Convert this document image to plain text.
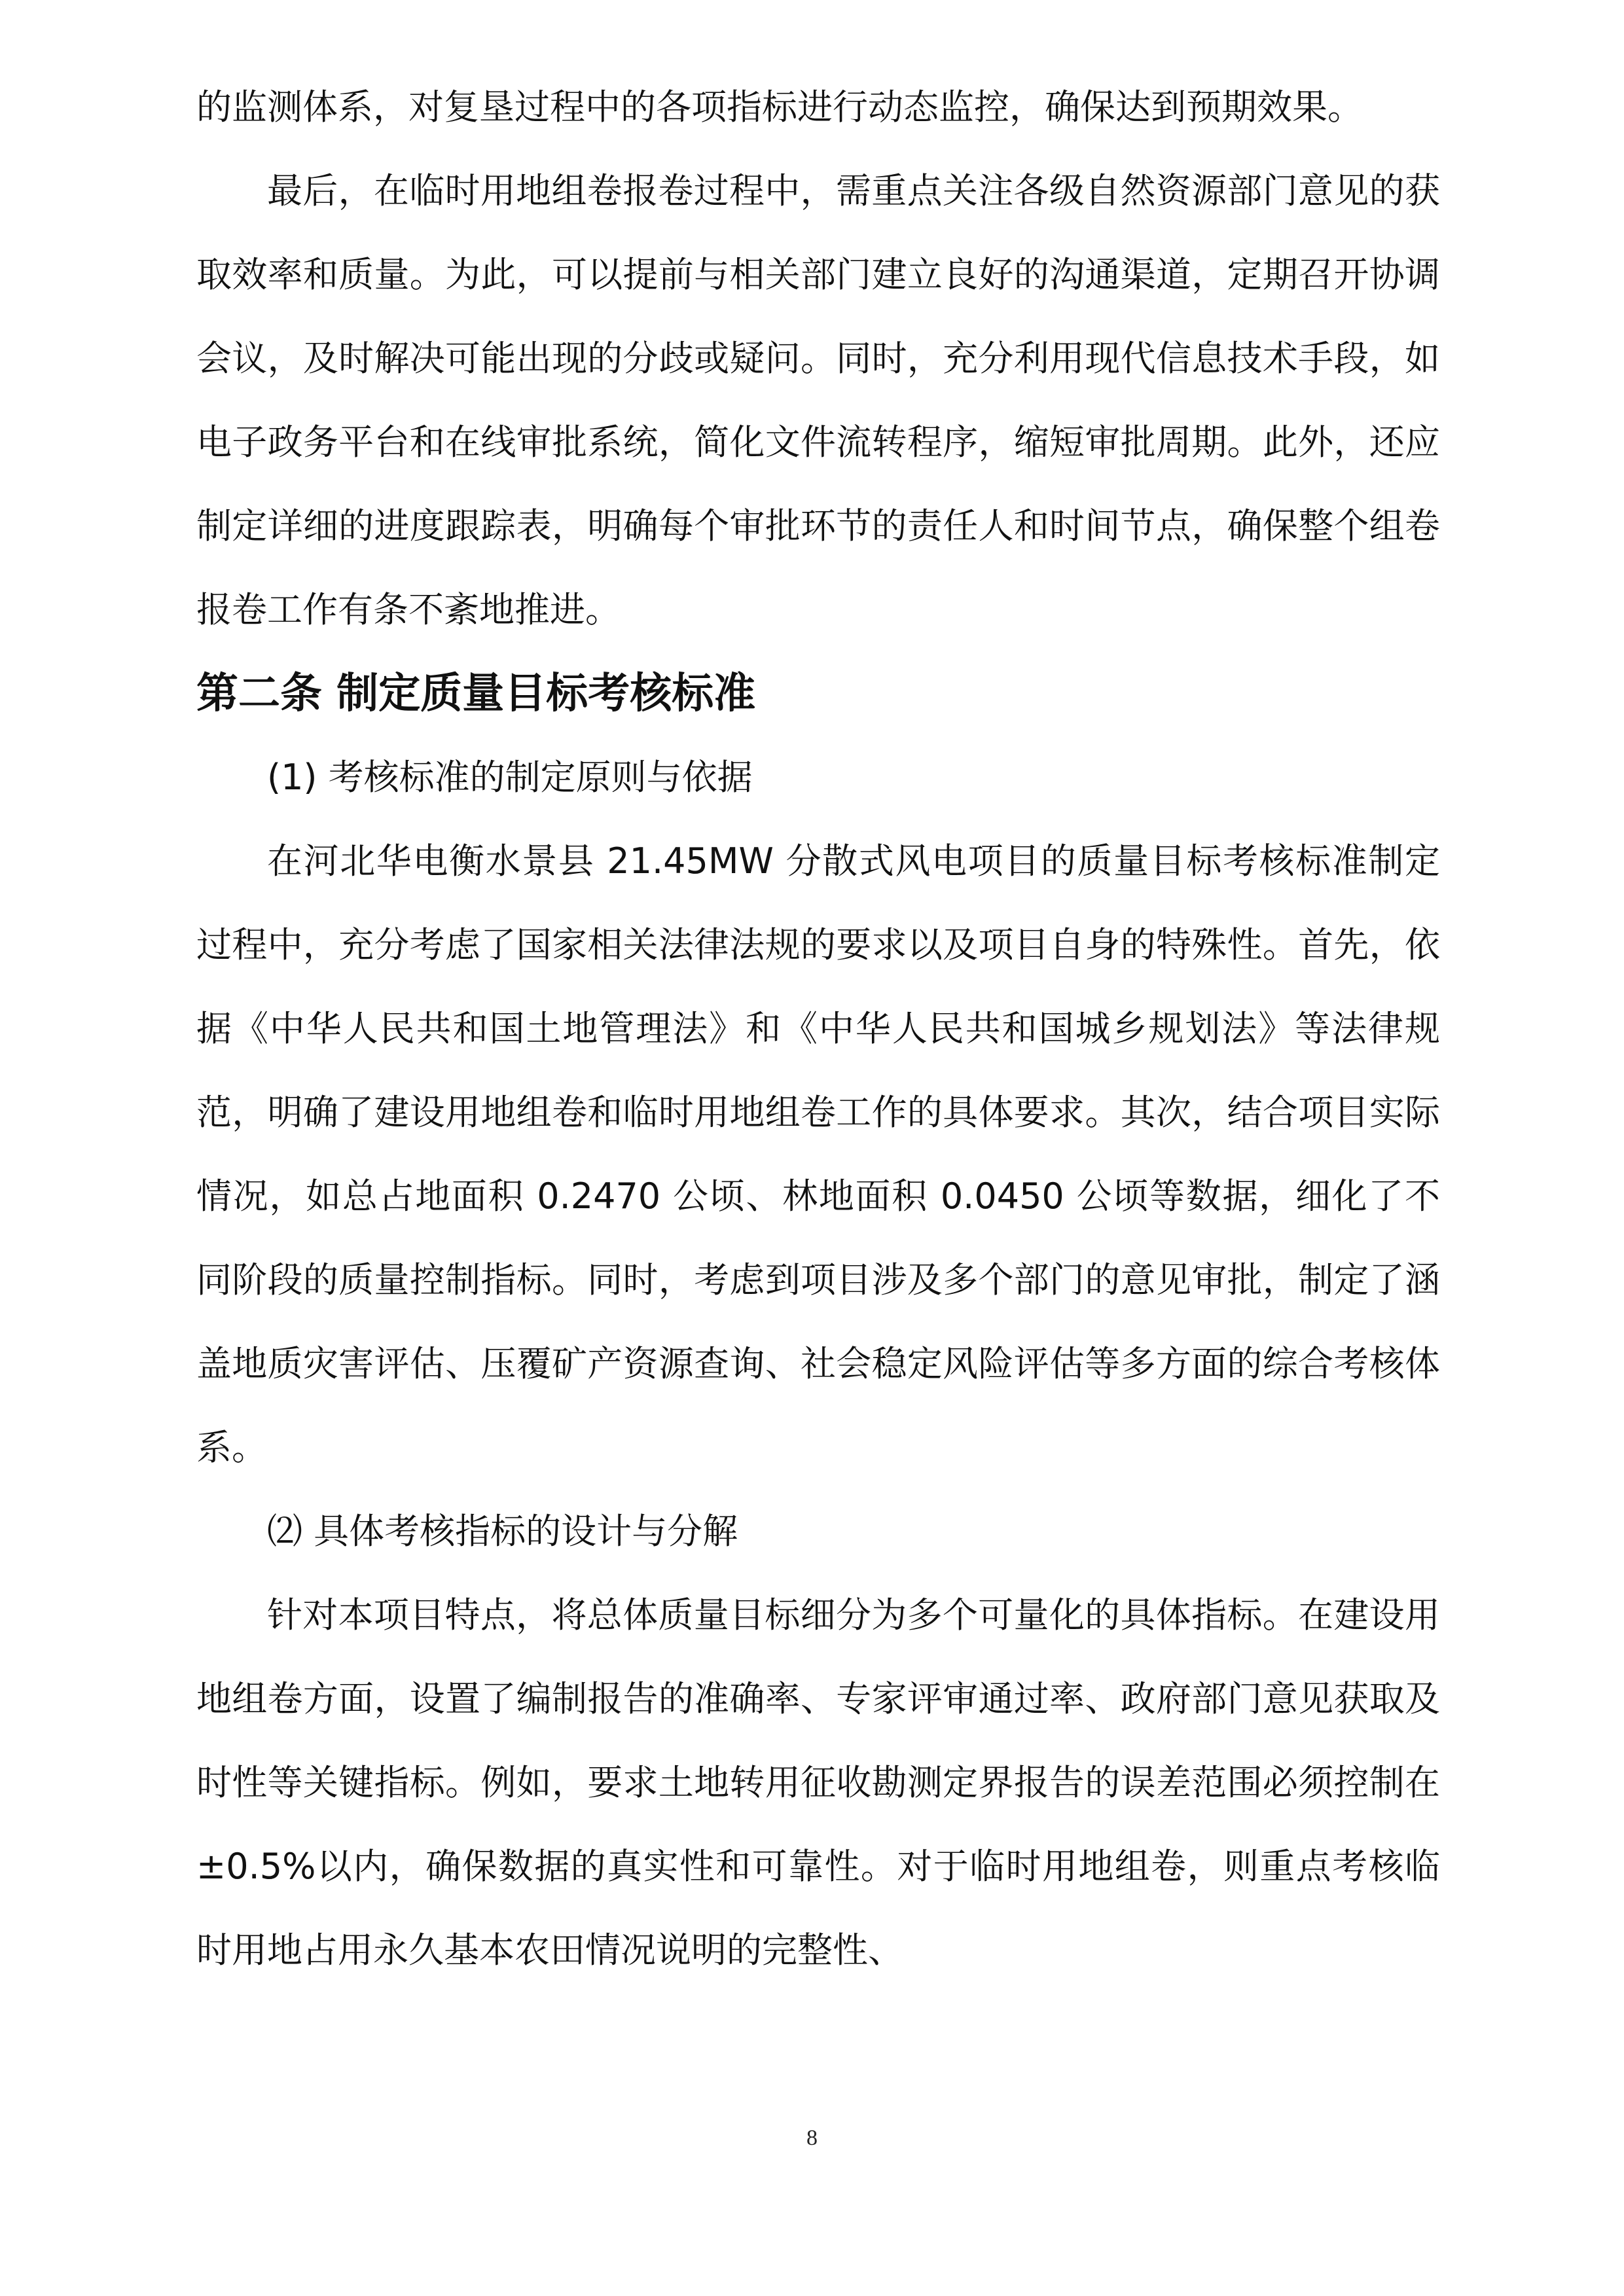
的监测体系，对复垦过程中的各项指标进行动态监控，确保达到预期效果。

最后，在临时用地组卷报卷过程中，需重点关注各级自然资源部门意见的获取效率和质量。为此，可以提前与相关部门建立良好的沟通渠道，定期召开协调会议，及时解决可能出现的分歧或疑问。同时，充分利用现代信息技术手段，如电子政务平台和在线审批系统，简化文件流转程序，缩短审批周期。此外，还应制定详细的进度跟踪表，明确每个审批环节的责任人和时间节点，确保整个组卷报卷工作有条不紊地推进。

第二条 制定质量目标考核标准

(1) 考核标准的制定原则与依据

在河北华电衡水景县 21.45MW 分散式风电项目的质量目标考核标准制定过程中，充分考虑了国家相关法律法规的要求以及项目自身的特殊性。首先，依据《中华人民共和国土地管理法》和《中华人民共和国城乡规划法》等法律规范，明确了建设用地组卷和临时用地组卷工作的具体要求。其次，结合项目实际情况，如总占地面积 0.2470 公顷、林地面积 0.0450 公顷等数据，细化了不同阶段的质量控制指标。同时，考虑到项目涉及多个部门的意见审批，制定了涵盖地质灾害评估、压覆矿产资源查询、社会稳定风险评估等多方面的综合考核体系。

⑵ 具体考核指标的设计与分解

针对本项目特点，将总体质量目标细分为多个可量化的具体指标。在建设用地组卷方面，设置了编制报告的准确率、专家评审通过率、政府部门意见获取及时性等关键指标。例如，要求土地转用征收勘测定界报告的误差范围必须控制在±0.5%以内，确保数据的真实性和可靠性。对于临时用地组卷，则重点考核临时用地占用永久基本农田情况说明的完整性、

8
